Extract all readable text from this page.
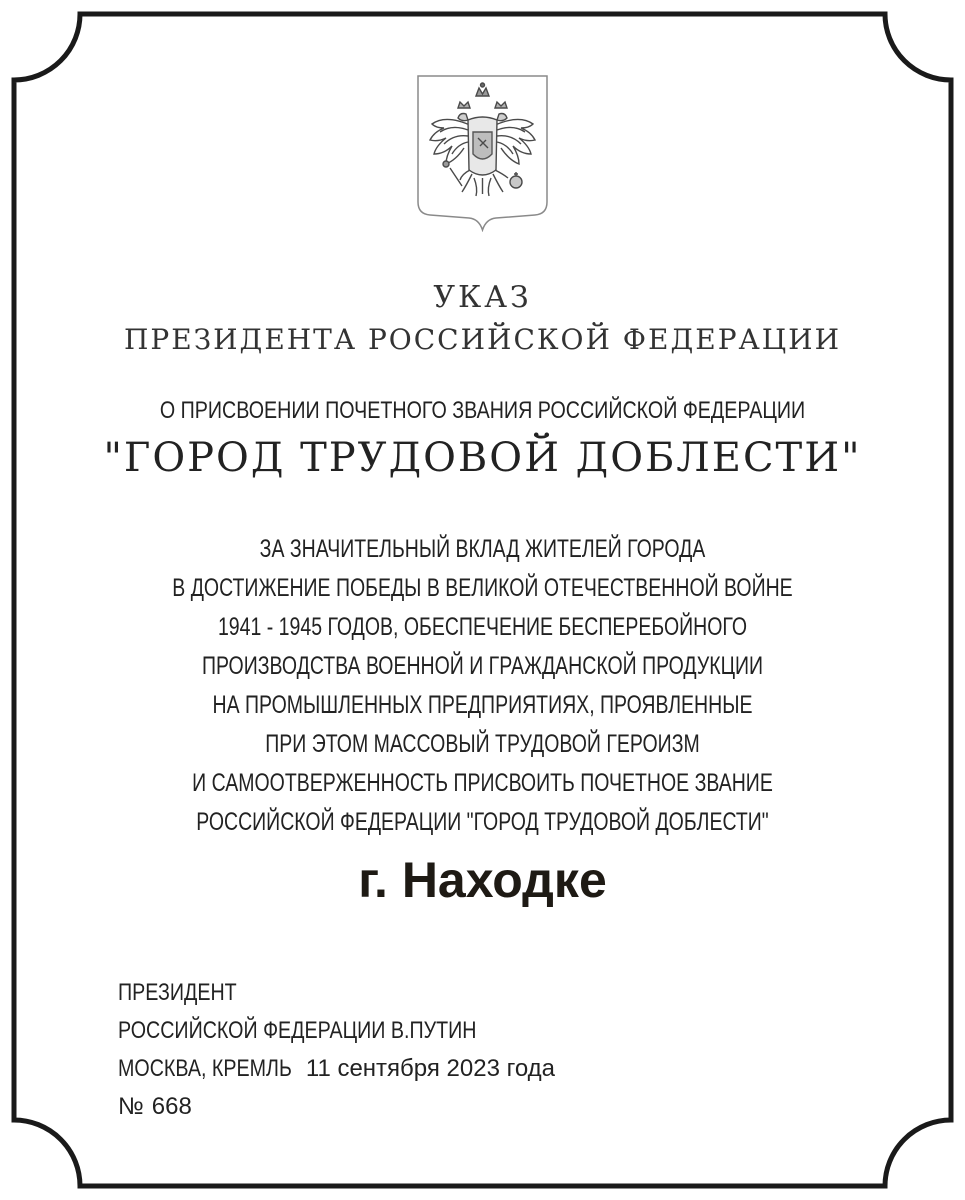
УКАЗ
ПРЕЗИДЕНТА РОССИЙСКОЙ ФЕДЕРАЦИИ
О ПРИСВОЕНИИ ПОЧЕТНОГО ЗВАНИЯ РОССИЙСКОЙ ФЕДЕРАЦИИ
"ГОРОД ТРУДОВОЙ ДОБЛЕСТИ"
ЗА ЗНАЧИТЕЛЬНЫЙ ВКЛАД ЖИТЕЛЕЙ ГОРОДА
В ДОСТИЖЕНИЕ ПОБЕДЫ В ВЕЛИКОЙ ОТЕЧЕСТВЕННОЙ ВОЙНЕ
1941 - 1945 ГОДОВ, ОБЕСПЕЧЕНИЕ БЕСПЕРЕБОЙНОГО
ПРОИЗВОДСТВА ВОЕННОЙ И ГРАЖДАНСКОЙ ПРОДУКЦИИ
НА ПРОМЫШЛЕННЫХ ПРЕДПРИЯТИЯХ, ПРОЯВЛЕННЫЕ
ПРИ ЭТОМ МАССОВЫЙ ТРУДОВОЙ ГЕРОИЗМ
И САМООТВЕРЖЕННОСТЬ ПРИСВОИТЬ ПОЧЕТНОЕ ЗВАНИЕ
РОССИЙСКОЙ ФЕДЕРАЦИИ "ГОРОД ТРУДОВОЙ ДОБЛЕСТИ"
г. Находке
ПРЕЗИДЕНТ
РОССИЙСКОЙ ФЕДЕРАЦИИ В.ПУТИН
МОСКВА, КРЕМЛЬ 11 сентября 2023 года
№ 668
